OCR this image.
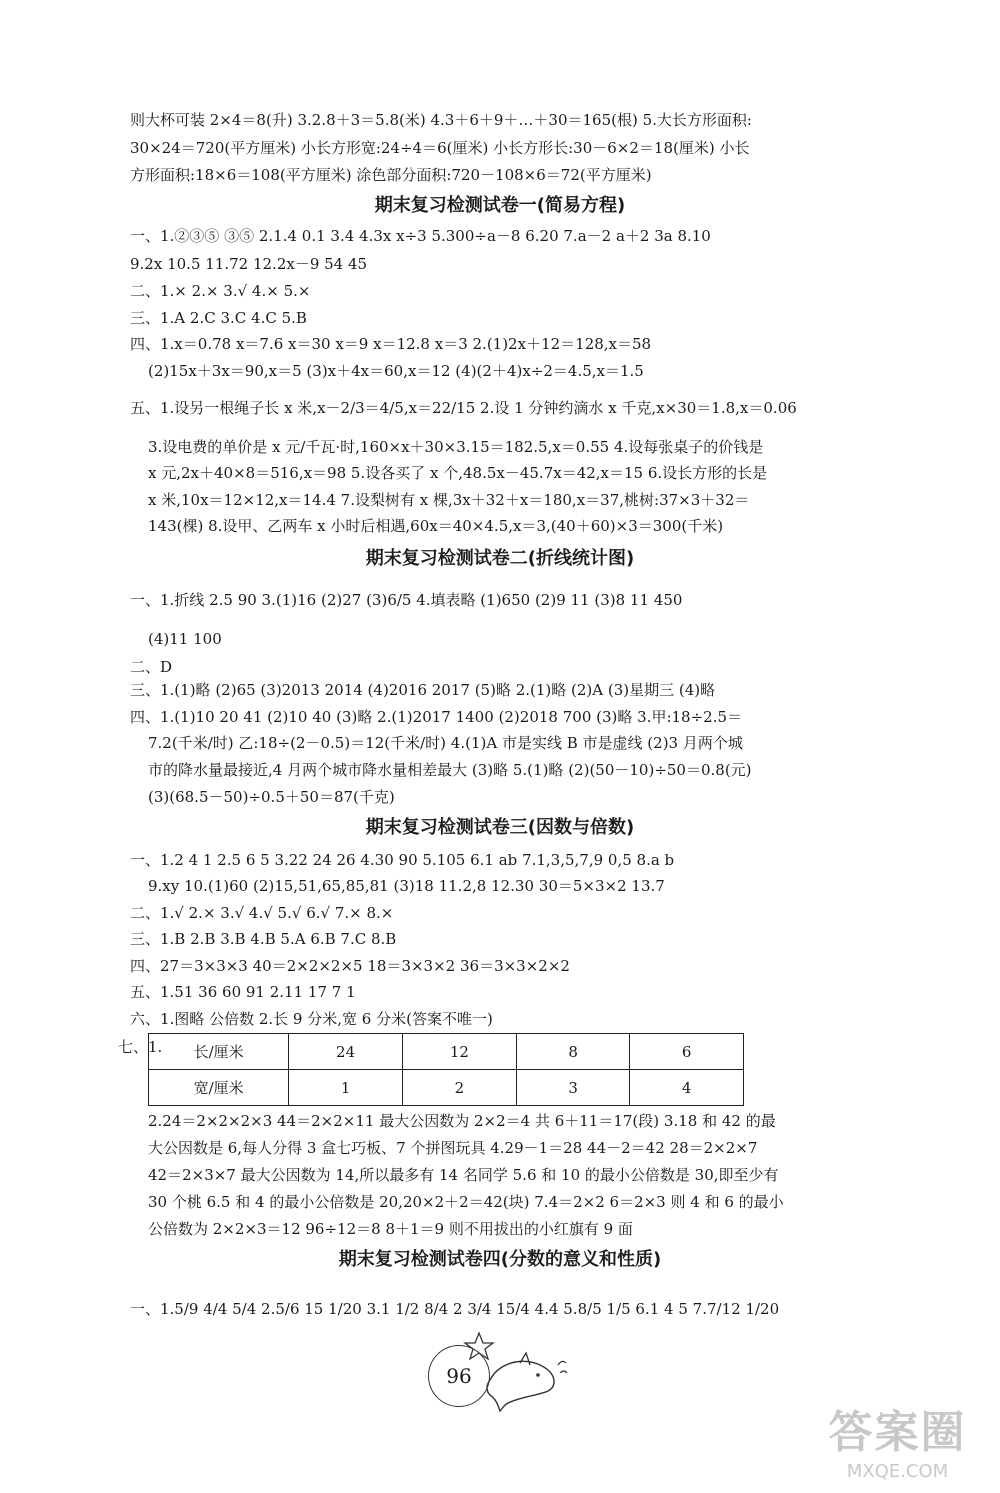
则大杯可装 2×4＝8(升) 3.2.8＋3＝5.8(米) 4.3＋6＋9＋…＋30＝165(根) 5.大长方形面积:
30×24＝720(平方厘米) 小长方形宽:24÷4＝6(厘米) 小长方形长:30－6×2＝18(厘米) 小长
方形面积:18×6＝108(平方厘米) 涂色部分面积:720－108×6＝72(平方厘米)
期末复习检测试卷一(简易方程)
一、1.②③⑤ ③⑤ 2.1.4 0.1 3.4 4.3x x÷3 5.300÷a－8 6.20 7.a－2 a＋2 3a 8.10
9.2x 10.5 11.72 12.2x－9 54 45
二、1.× 2.× 3.√ 4.× 5.×
三、1.A 2.C 3.C 4.C 5.B
四、1.x＝0.78 x＝7.6 x＝30 x＝9 x＝12.8 x＝3 2.(1)2x＋12＝128,x＝58
(2)15x＋3x＝90,x＝5 (3)x＋4x＝60,x＝12 (4)(2＋4)x÷2＝4.5,x＝1.5
五、1.设另一根绳子长 x 米,x－2/3＝4/5,x＝22/15 2.设 1 分钟约滴水 x 千克,x×30＝1.8,x＝0.06
3.设电费的单价是 x 元/千瓦·时,160×x＋30×3.15＝182.5,x＝0.55 4.设每张桌子的价钱是
x 元,2x＋40×8＝516,x＝98 5.设各买了 x 个,48.5x－45.7x＝42,x＝15 6.设长方形的长是
x 米,10x＝12×12,x＝14.4 7.设梨树有 x 棵,3x＋32＋x＝180,x＝37,桃树:37×3＋32＝
143(棵) 8.设甲、乙两车 x 小时后相遇,60x＝40×4.5,x＝3,(40＋60)×3＝300(千米)
期末复习检测试卷二(折线统计图)
一、1.折线 2.5 90 3.(1)16 (2)27 (3)6/5 4.填表略 (1)650 (2)9 11 (3)8 11 450
(4)11 100
二、D
三、1.(1)略 (2)65 (3)2013 2014 (4)2016 2017 (5)略 2.(1)略 (2)A (3)星期三 (4)略
四、1.(1)10 20 41 (2)10 40 (3)略 2.(1)2017 1400 (2)2018 700 (3)略 3.甲:18÷2.5＝
7.2(千米/时) 乙:18÷(2－0.5)＝12(千米/时) 4.(1)A 市是实线 B 市是虚线 (2)3 月两个城
市的降水量最接近,4 月两个城市降水量相差最大 (3)略 5.(1)略 (2)(50－10)÷50＝0.8(元)
(3)(68.5－50)÷0.5＋50＝87(千克)
期末复习检测试卷三(因数与倍数)
一、1.2 4 1 2.5 6 5 3.22 24 26 4.30 90 5.105 6.1 ab 7.1,3,5,7,9 0,5 8.a b
9.xy 10.(1)60 (2)15,51,65,85,81 (3)18 11.2,8 12.30 30＝5×3×2 13.7
二、1.√ 2.× 3.√ 4.√ 5.√ 6.√ 7.× 8.×
三、1.B 2.B 3.B 4.B 5.A 6.B 7.C 8.B
四、27＝3×3×3 40＝2×2×2×5 18＝3×3×2 36＝3×3×2×2
五、1.51 36 60 91 2.11 17 7 1
六、1.图略 公倍数 2.长 9 分米,宽 6 分米(答案不唯一)
七、1. 长/厘米	24	12	8	6
宽/厘米	1	2	3	4
2.24＝2×2×2×3 44＝2×2×11 最大公因数为 2×2＝4 共 6＋11＝17(段) 3.18 和 42 的最
大公因数是 6,每人分得 3 盒七巧板、7 个拼图玩具 4.29－1＝28 44－2＝42 28＝2×2×7
42＝2×3×7 最大公因数为 14,所以最多有 14 名同学 5.6 和 10 的最小公倍数是 30,即至少有
30 个桃 6.5 和 4 的最小公倍数是 20,20×2＋2＝42(块) 7.4＝2×2 6＝2×3 则 4 和 6 的最小
公倍数为 2×2×3＝12 96÷12＝8 8＋1＝9 则不用拔出的小红旗有 9 面
期末复习检测试卷四(分数的意义和性质)
一、1.5/9 4/4 5/4 2.5/6 15 1/20 3.1 1/2 8/4 2 3/4 15/4 4.4 5.8/5 1/5 6.1 4 5 7.7/12 1/20
96
答案圈
MXQE.COM
